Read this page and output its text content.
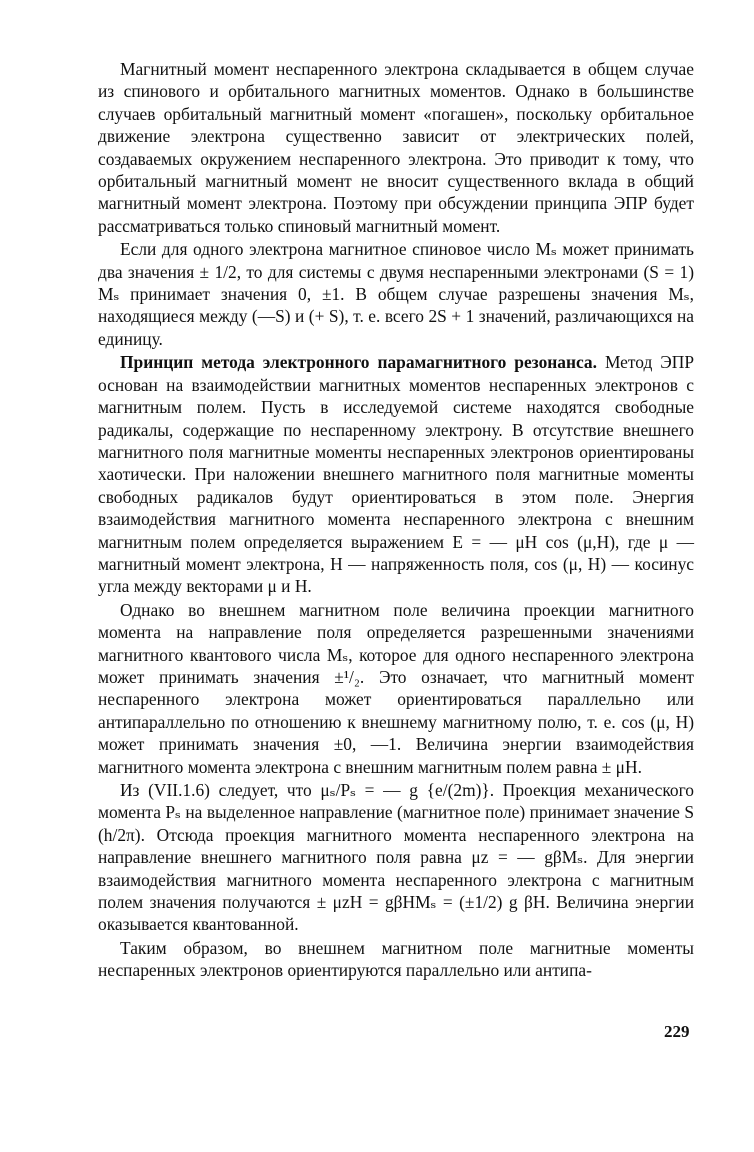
Магнитный момент неспаренного электрона складывается в общем случае из спинового и орбитального магнитных моментов. Однако в большинстве случаев орбитальный магнитный момент «погашен», поскольку орбитальное движение электрона существенно зависит от электрических полей, создаваемых окружением неспаренного электрона. Это приводит к тому, что орбитальный магнитный момент не вносит существенного вклада в общий магнитный момент электрона. Поэтому при обсуждении принципа ЭПР будет рассматриваться только спиновый магнитный момент.

Если для одного электрона магнитное спиновое число Mₛ может принимать два значения ± 1/2, то для системы с двумя неспаренными электронами (S = 1) Mₛ принимает значения 0, ±1. В общем случае разрешены значения Mₛ, находящиеся между (—S) и (+ S), т. е. всего 2S + 1 значений, различающихся на единицу.

Принцип метода электронного парамагнитного резонанса. Метод ЭПР основан на взаимодействии магнитных моментов неспаренных электронов с магнитным полем. Пусть в исследуемой системе находятся свободные радикалы, содержащие по неспаренному электрону. В отсутствие внешнего магнитного поля магнитные моменты неспаренных электронов ориентированы хаотически. При наложении внешнего магнитного поля магнитные моменты свободных радикалов будут ориентироваться в этом поле. Энергия взаимодействия магнитного момента неспаренного электрона с внешним магнитным полем определяется выражением E = — μH cos (μ,H), где μ — магнитный момент электрона, H — напряженность поля, cos (μ, H) — косинус угла между векторами μ и H.

Однако во внешнем магнитном поле величина проекции магнитного момента на направление поля определяется разрешенными значениями магнитного квантового числа Mₛ, которое для одного неспаренного электрона может принимать значения ±¹/₂. Это означает, что магнитный момент неспаренного электрона может ориентироваться параллельно или антипараллельно по отношению к внешнему магнитному полю, т. е. cos (μ, H) может принимать значения ±0, —1. Величина энергии взаимодействия магнитного момента электрона с внешним магнитным полем равна ± μH.

Из (VII.1.6) следует, что μₛ/Pₛ = — g {e/(2m)}. Проекция механического момента Pₛ на выделенное направление (магнитное поле) принимает значение S (h/2π). Отсюда проекция магнитного момента неспаренного электрона на направление внешнего магнитного поля равна μz = — gβMₛ. Для энергии взаимодействия магнитного момента неспаренного электрона с магнитным полем значения получаются ± μzH = gβHMₛ = (±1/2) g βH. Величина энергии оказывается квантованной.

Таким образом, во внешнем магнитном поле магнитные моменты неспаренных электронов ориентируются параллельно или антипа-

229
